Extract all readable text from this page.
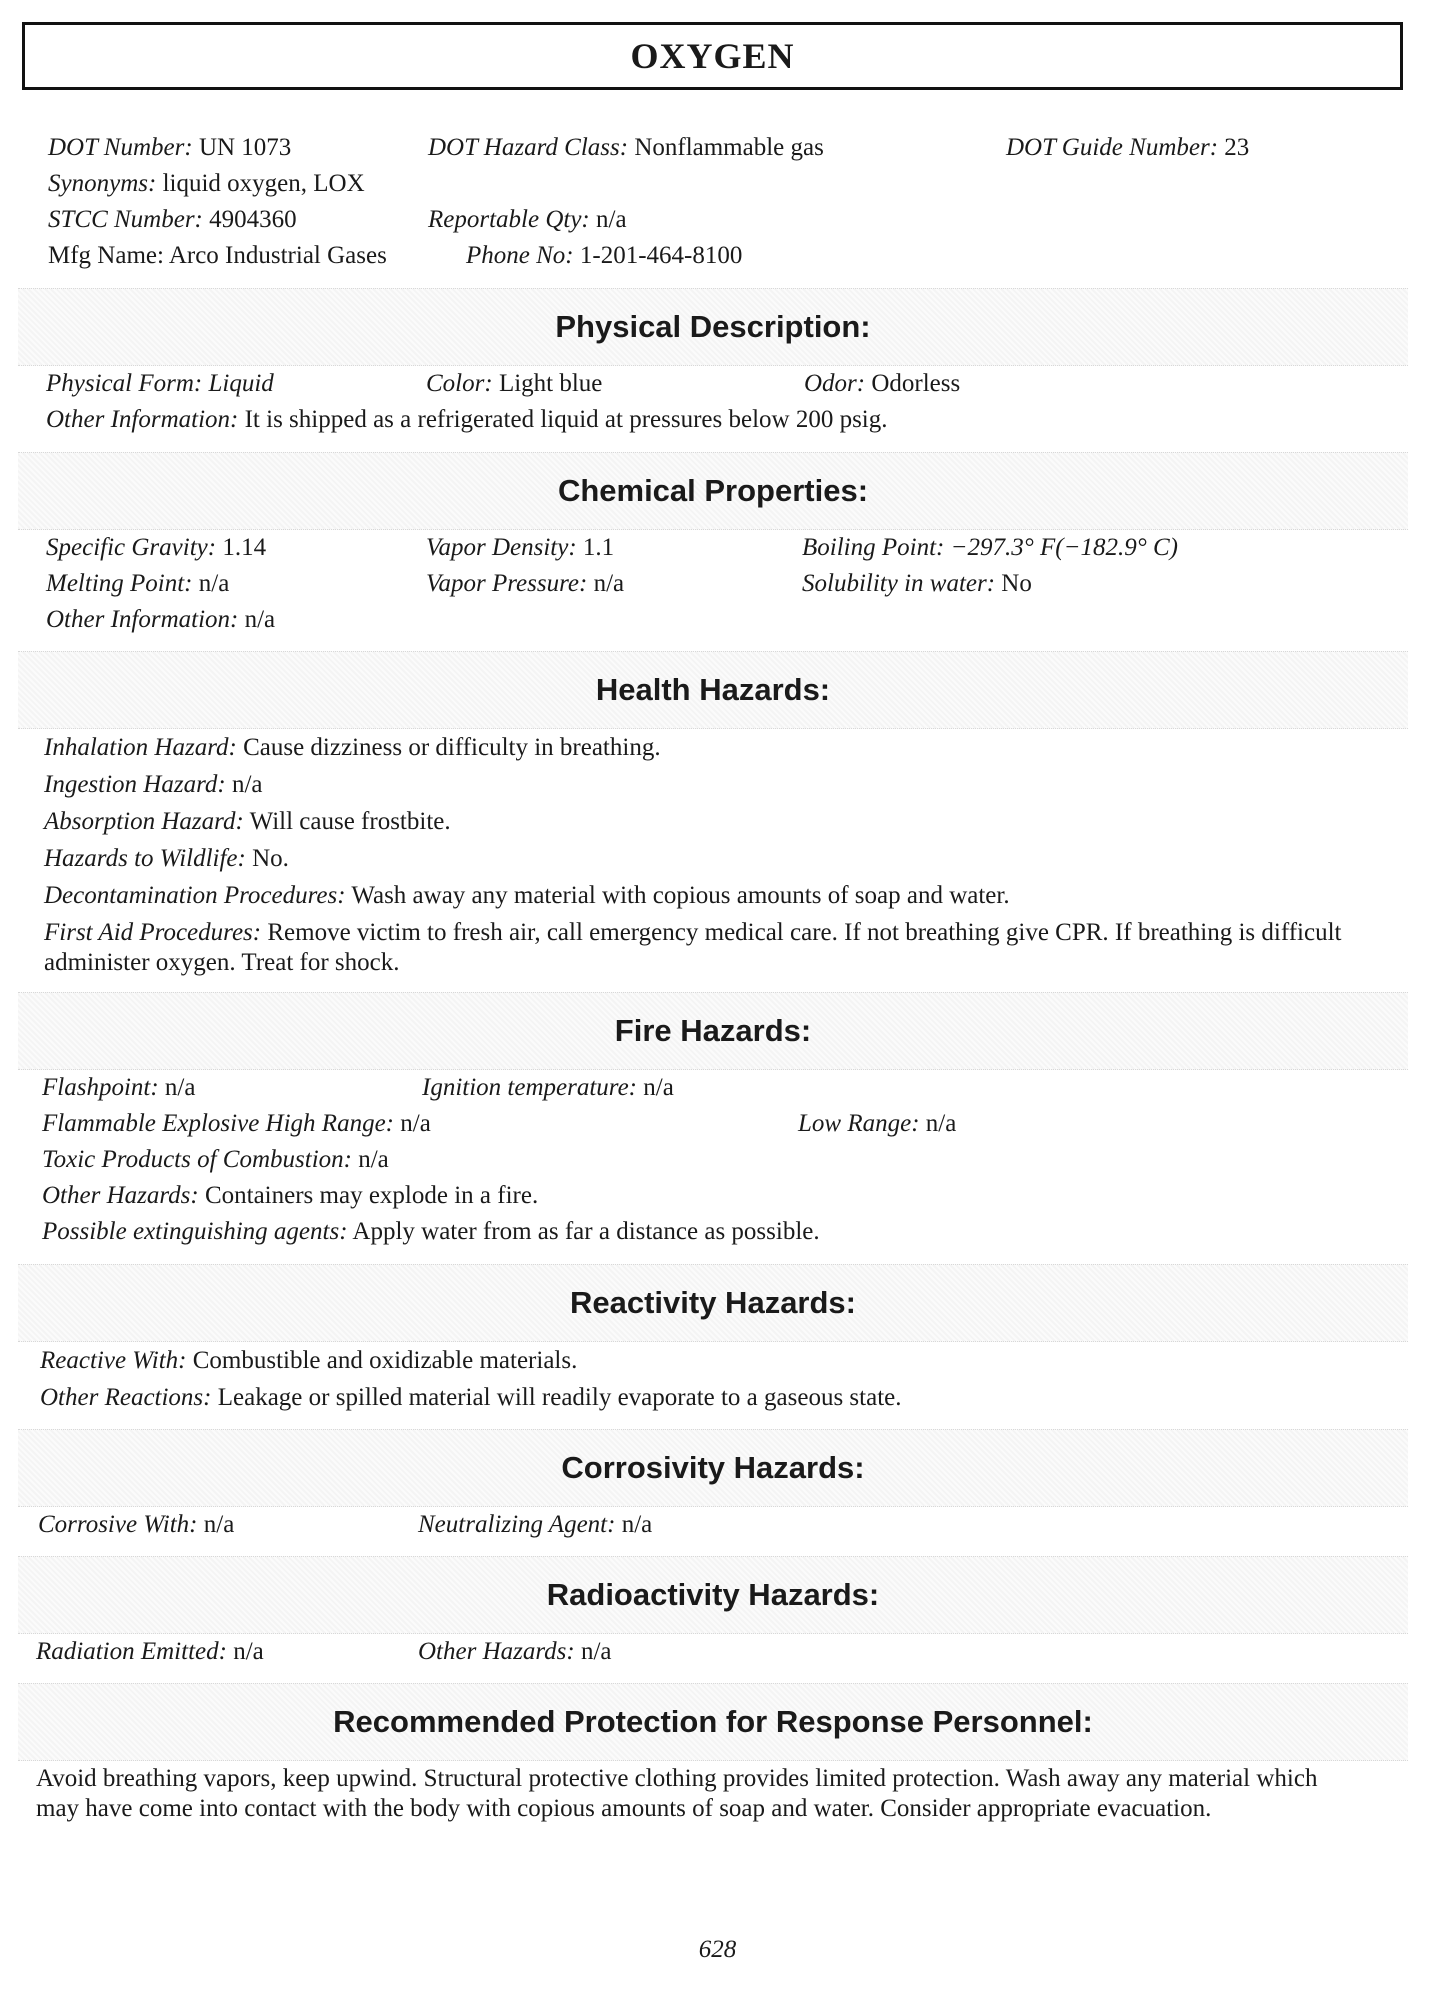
OXYGEN
DOT Number: UN 1073	DOT Hazard Class: Nonflammable gas	DOT Guide Number: 23
Synonyms: liquid oxygen, LOX
STCC Number: 4904360	Reportable Qty: n/a
Mfg Name: Arco Industrial Gases	Phone No: 1-201-464-8100
Physical Description:
Physical Form: Liquid	Color: Light blue	Odor: Odorless
Other Information: It is shipped as a refrigerated liquid at pressures below 200 psig.
Chemical Properties:
Specific Gravity: 1.14	Vapor Density: 1.1	Boiling Point: −297.3° F(−182.9° C)
Melting Point: n/a	Vapor Pressure: n/a	Solubility in water: No
Other Information: n/a
Health Hazards:
Inhalation Hazard: Cause dizziness or difficulty in breathing.
Ingestion Hazard: n/a
Absorption Hazard: Will cause frostbite.
Hazards to Wildlife: No.
Decontamination Procedures: Wash away any material with copious amounts of soap and water.
First Aid Procedures: Remove victim to fresh air, call emergency medical care. If not breathing give CPR. If breathing is difficult administer oxygen. Treat for shock.
Fire Hazards:
Flashpoint: n/a	Ignition temperature: n/a
Flammable Explosive High Range: n/a	Low Range: n/a
Toxic Products of Combustion: n/a
Other Hazards: Containers may explode in a fire.
Possible extinguishing agents: Apply water from as far a distance as possible.
Reactivity Hazards:
Reactive With: Combustible and oxidizable materials.
Other Reactions: Leakage or spilled material will readily evaporate to a gaseous state.
Corrosivity Hazards:
Corrosive With: n/a	Neutralizing Agent: n/a
Radioactivity Hazards:
Radiation Emitted: n/a	Other Hazards: n/a
Recommended Protection for Response Personnel:
Avoid breathing vapors, keep upwind. Structural protective clothing provides limited protection. Wash away any material which may have come into contact with the body with copious amounts of soap and water. Consider appropriate evacuation.
628
